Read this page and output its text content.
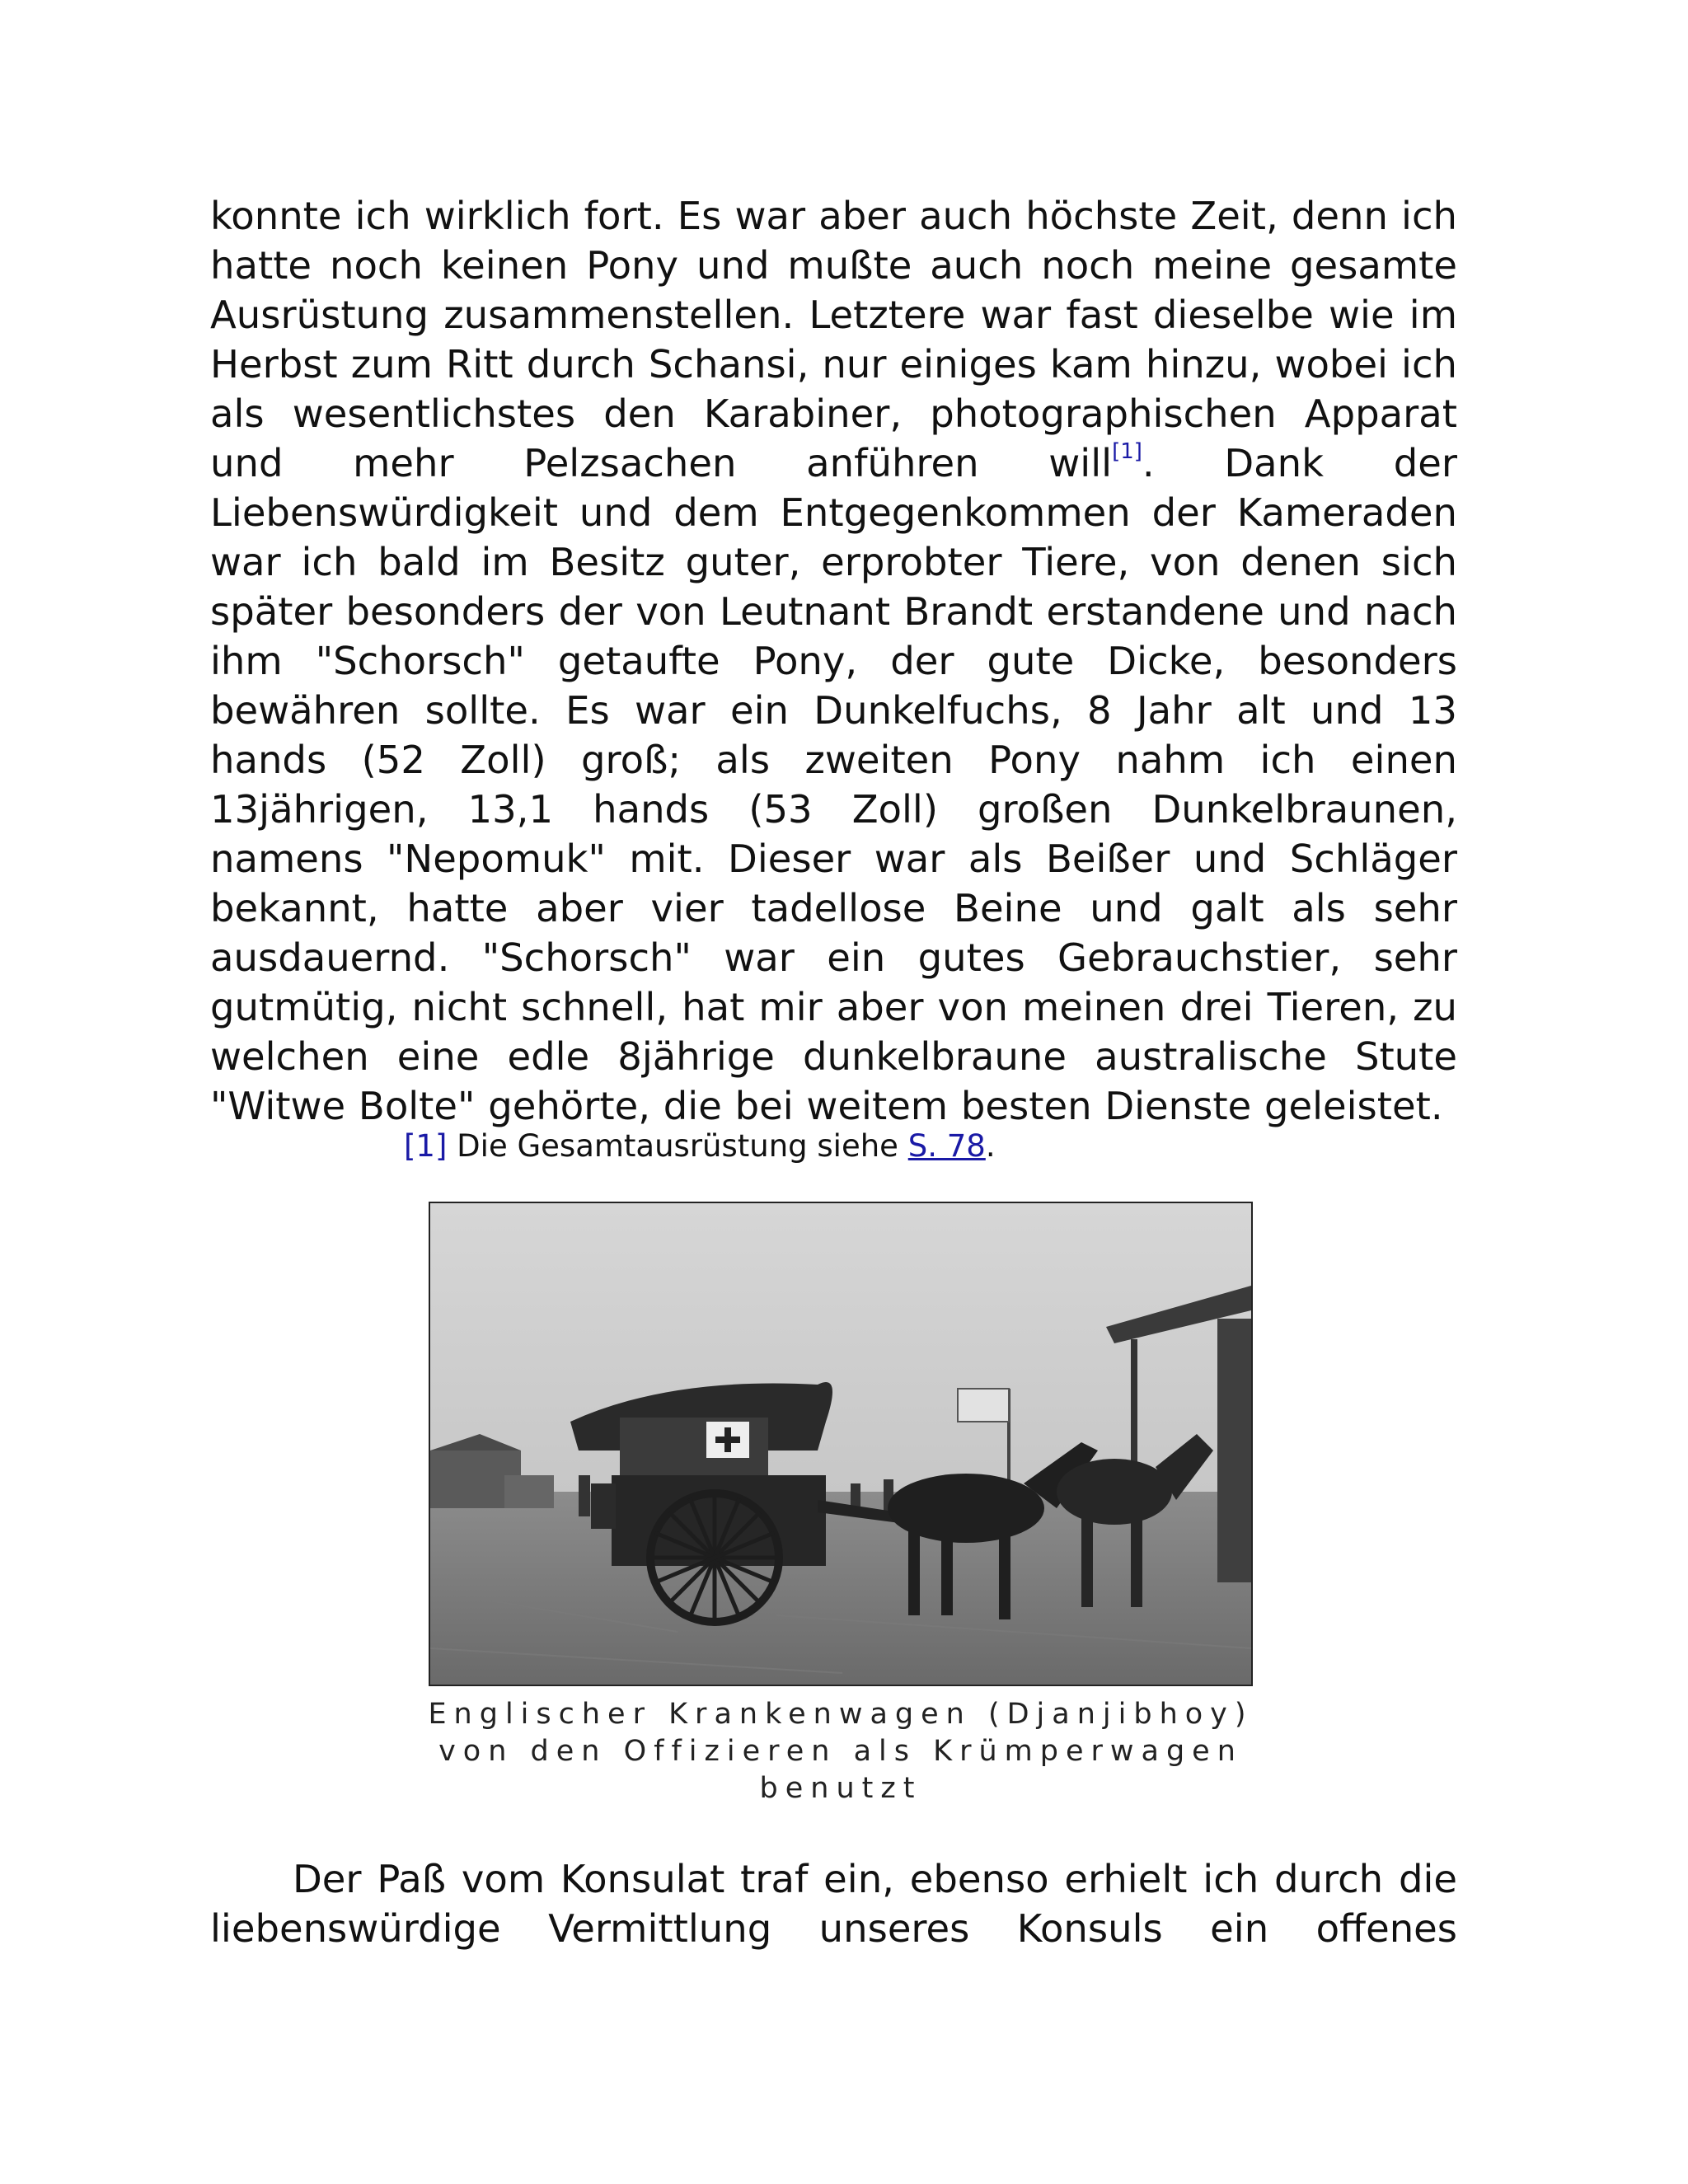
konnte ich wirklich fort. Es war aber auch höchste Zeit, denn ich hatte noch keinen Pony und mußte auch noch meine gesamte Ausrüstung zusammenstellen. Letztere war fast dieselbe wie im Herbst zum Ritt durch Schansi, nur einiges kam hinzu, wobei ich als wesentlichstes den Karabiner, photographischen Apparat und mehr Pelzsachen anführen will[1]. Dank der Liebenswürdigkeit und dem Entgegenkommen der Kameraden war ich bald im Besitz guter, erprobter Tiere, von denen sich später besonders der von Leutnant Brandt erstandene und nach ihm "Schorsch" getaufte Pony, der gute Dicke, besonders bewähren sollte. Es war ein Dunkelfuchs, 8 Jahr alt und 13 hands (52 Zoll) groß; als zweiten Pony nahm ich einen 13jährigen, 13,1 hands (53 Zoll) großen Dunkelbraunen, namens "Nepomuk" mit. Dieser war als Beißer und Schläger bekannt, hatte aber vier tadellose Beine und galt als sehr ausdauernd. "Schorsch" war ein gutes Gebrauchstier, sehr gutmütig, nicht schnell, hat mir aber von meinen drei Tieren, zu welchen eine edle 8jährige dunkelbraune australische Stute "Witwe Bolte" gehörte, die bei weitem besten Dienste geleistet.

[1] Die Gesamtausrüstung siehe S. 78.

Englischer Krankenwagen (Djanjibhoy)
von den Offizieren als Krümperwagen
benutzt

Der Paß vom Konsulat traf ein, ebenso erhielt ich durch die

liebenswürdige Vermittlung unseres Konsuls ein offenes
